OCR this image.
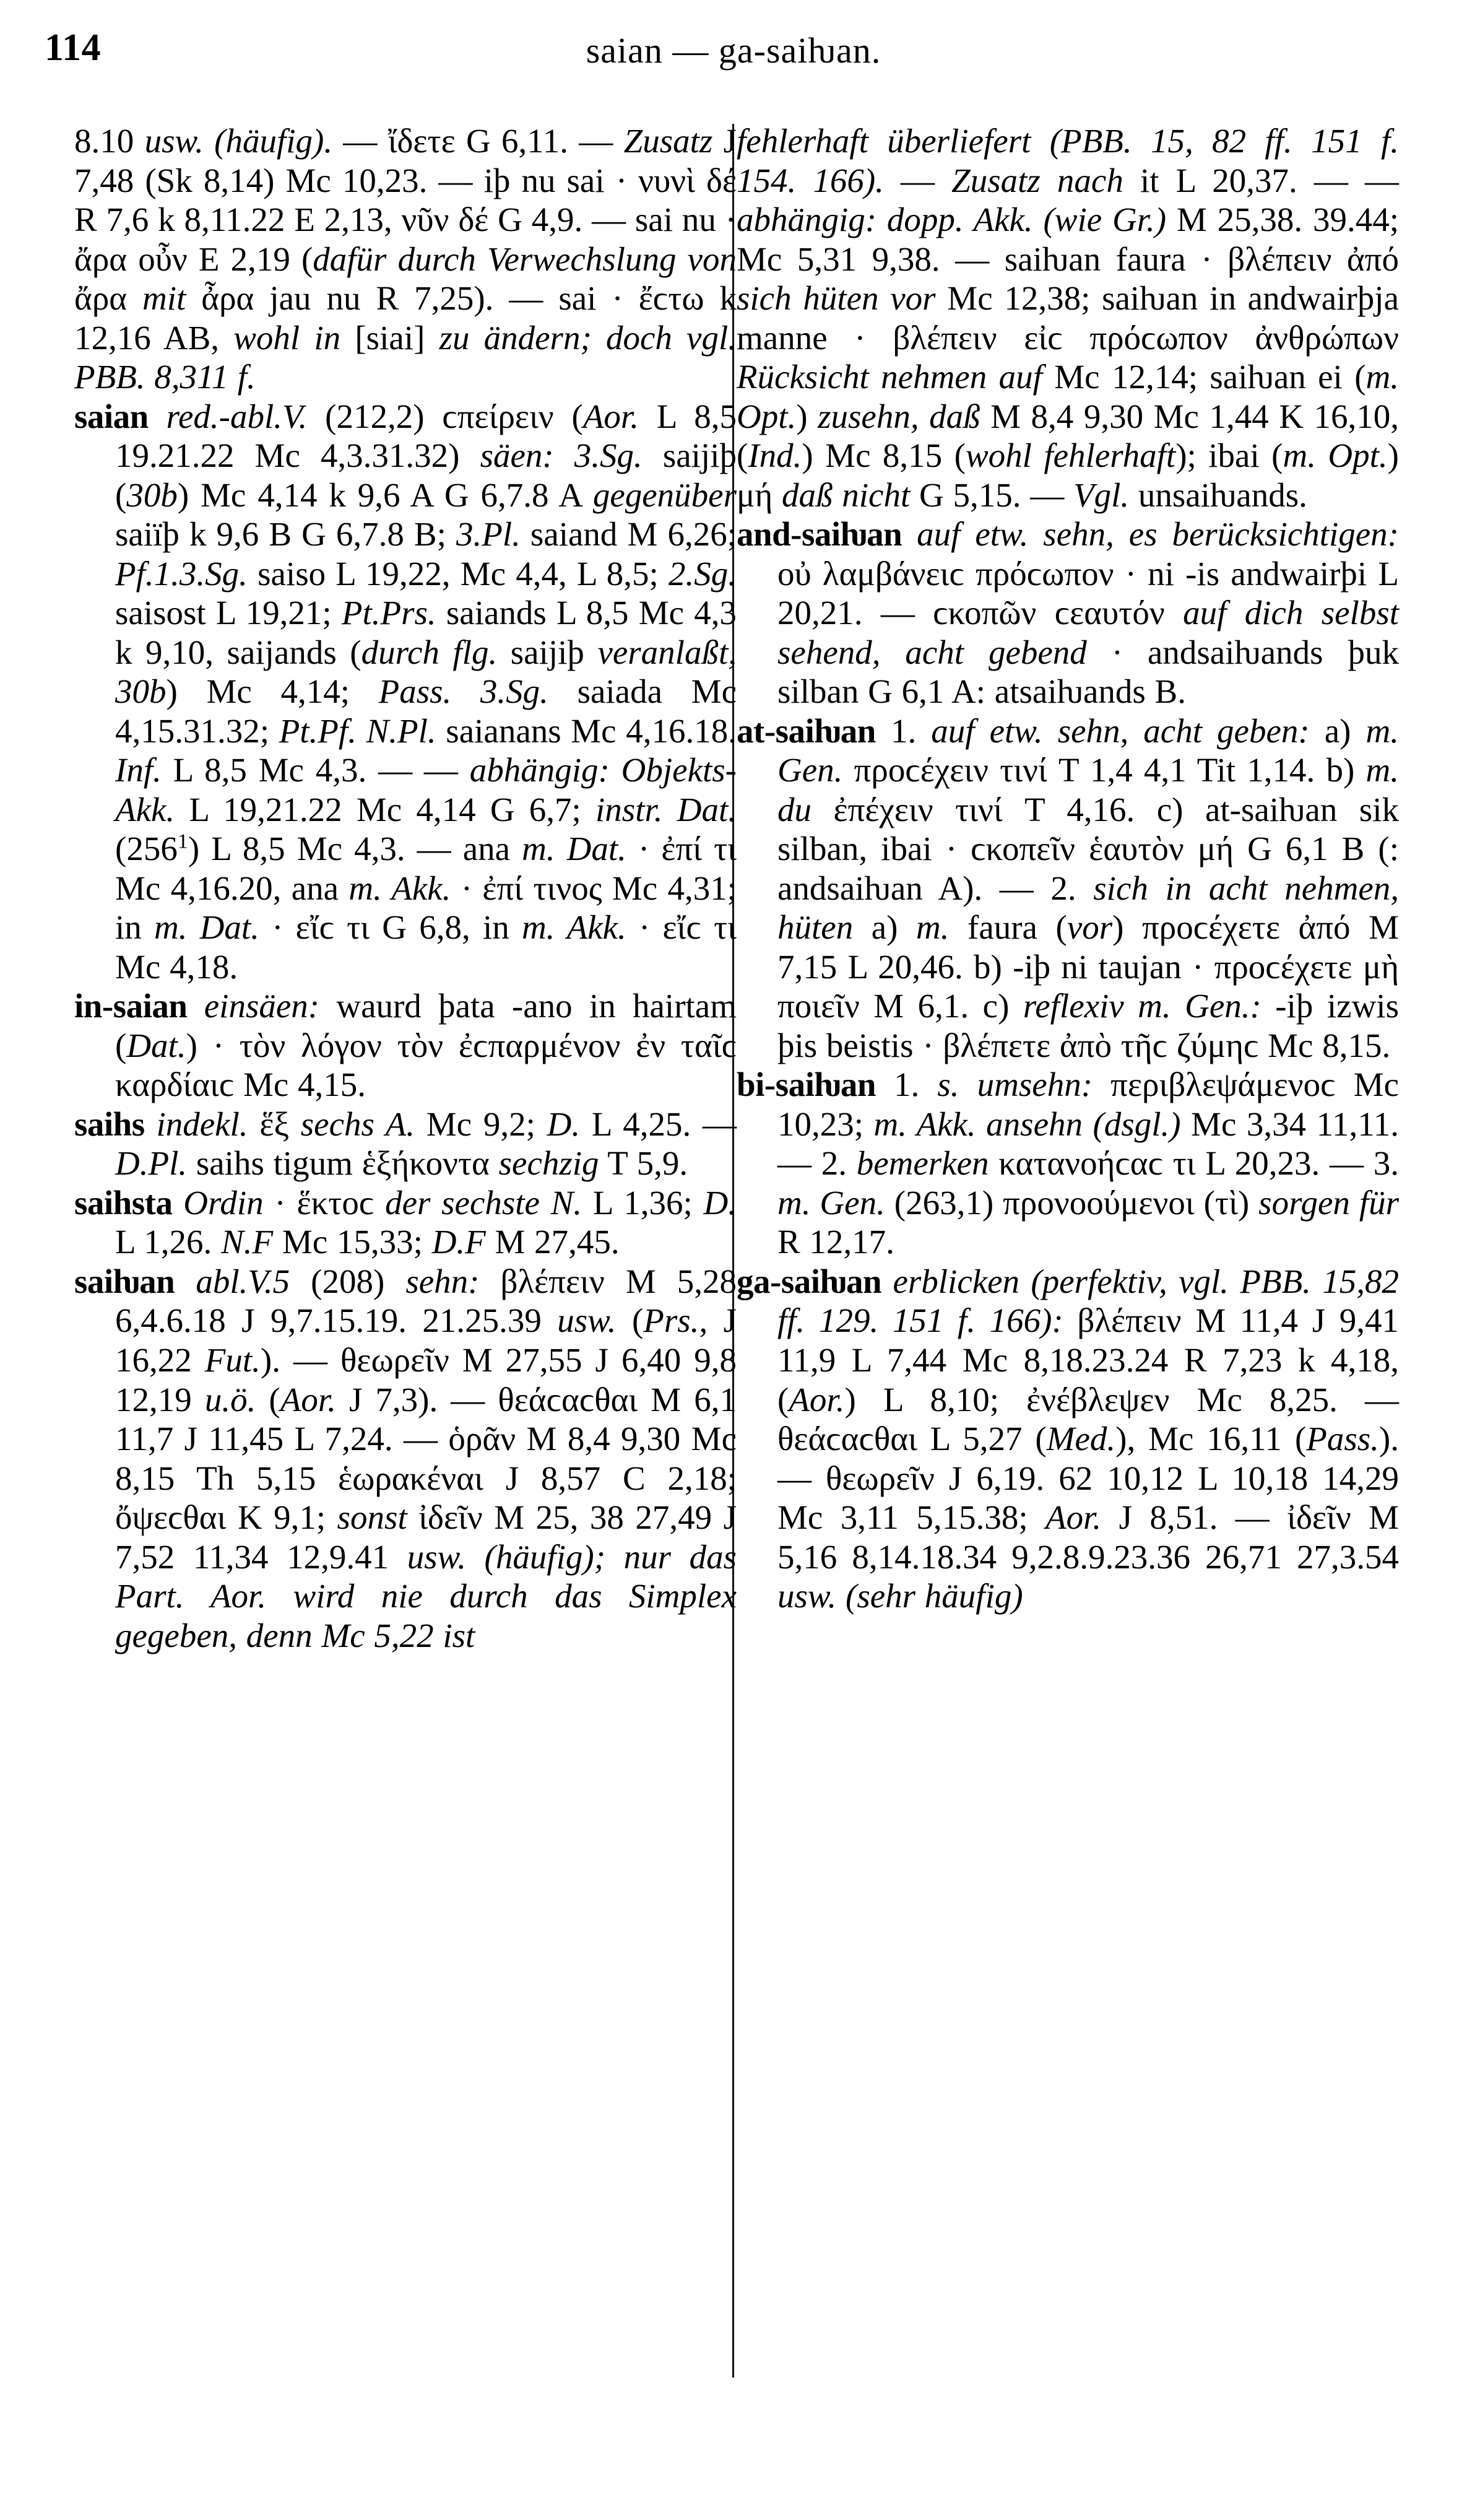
114	saian — ga-saiƕan.

8.10 usw. (häufig). — ἴδετε G 6,11. — Zusatz J 7,48 (Sk 8,14) Mc 10,23. — iþ nu sai · νυνὶ δέ R 7,6 k 8,11.22 E 2,13, νῦν δέ G 4,9. — sai nu · ἄρα οὖν E 2,19 (dafür durch Verwechslung von ἄρα mit ἆρα jau nu R 7,25). — sai · ἔϲτω k 12,16 AB, wohl in [siai] zu ändern; doch vgl. PBB. 8,311 f.

saian red.-abl.V. (212,2) ϲπείρειν (Aor. L 8,5 19.21.22 Mc 4,3.31.32) säen: 3.Sg. saijiþ (30b) Mc 4,14 k 9,6 A G 6,7.8 A gegenüber saiïþ k 9,6 B G 6,7.8 B; 3.Pl. saiand M 6,26; Pf.1.3.Sg. saiso L 19,22, Mc 4,4, L 8,5; 2.Sg. saisost L 19,21; Pt.Prs. saiands L 8,5 Mc 4,3 k 9,10, saijands (durch flg. saijiþ veranlaßt, 30b) Mc 4,14; Pass. 3.Sg. saiada Mc 4,15.31.32; Pt.Pf. N.Pl. saianans Mc 4,16.18. Inf. L 8,5 Mc 4,3. — — abhängig: Objekts-Akk. L 19,21.22 Mc 4,14 G 6,7; instr. Dat. $(256^1)$ L 8,5 Mc 4,3. — ana m. Dat. · ἐπί τι Mc 4,16.20, ana m. Akk. · ἐπί τινος Mc 4,31; in m. Dat. · εἴϲ τι G 6,8, in m. Akk. · εἴϲ τι Mc 4,18.

in-saian einsäen: waurd þata -ano in hairtam (Dat.) · τὸν λόγον τὸν ἐϲπαρμένον ἐν ταῖϲ καρδίαιϲ Mc 4,15.

saihs indekl. ἕξ sechs A. Mc 9,2; D. L 4,25. — D.Pl. saihs tigum ἑξήκοντα sechzig T 5,9.

saihsta Ordin · ἕκτοϲ der sechste N. L 1,36; D. L 1,26. N.F Mc 15,33; D.F M 27,45.

saiƕan abl.V.5 (208) sehn: βλέπειν M 5,28 6,4.6.18 J 9,7.15.19. 21.25.39 usw. (Prs., J 16,22 Fut.). — θεωρεῖν M 27,55 J 6,40 9,8 12,19 u.ö. (Aor. J 7,3). — θεάϲαϲθαι M 6,1 11,7 J 11,45 L 7,24. — ὁρᾶν M 8,4 9,30 Mc 8,15 Th 5,15 ἑωρακέναι J 8,57 C 2,18; ὄψεϲθαι K 9,1; sonst ἰδεῖν M 25, 38 27,49 J 7,52 11,34 12,9.41 usw. (häufig); nur das Part. Aor. wird nie durch das Simplex gegeben, denn Mc 5,22 ist

fehlerhaft überliefert (PBB. 15, 82 ff. 151 f. 154. 166). — Zusatz nach it L 20,37. — — abhängig: dopp. Akk. (wie Gr.) M 25,38. 39.44; Mc 5,31 9,38. — saiƕan faura · βλέπειν ἀπό sich hüten vor Mc 12,38; saiƕan in andwairþja manne · βλέπειν εἰϲ πρόϲωπον ἀνθρώπων Rücksicht nehmen auf Mc 12,14; saiƕan ei (m. Opt.) zusehn, daß M 8,4 9,30 Mc 1,44 K 16,10, (Ind.) Mc 8,15 (wohl fehlerhaft); ibai (m. Opt.) μή daß nicht G 5,15. — Vgl. unsaiƕands.

and-saiƕan auf etw. sehn, es berücksichtigen: οὐ λαμβάνειϲ πρόϲωπον · ni -is andwairþi L 20,21. — ϲκοπῶν ϲεαυτόν auf dich selbst sehend, acht gebend · andsaiƕands þuk silban G 6,1 A: atsaiƕands B.

at-saiƕan 1. auf etw. sehn, acht geben: a) m. Gen. προϲέχειν τινί T 1,4 4,1 Tit 1,14. b) m. du ἐπέχειν τινί T 4,16. c) at-saiƕan sik silban, ibai · ϲκοπεῖν ἑαυτὸν μή G 6,1 B (: andsaiƕan A). — 2. sich in acht nehmen, hüten a) m. faura (vor) προϲέχετε ἀπό M 7,15 L 20,46. b) -iþ ni taujan · προϲέχετε μὴ ποιεῖν M 6,1. c) reflexiv m. Gen.: -iþ izwis þis beistis · βλέπετε ἀπὸ τῆϲ ζύμηϲ Mc 8,15.

bi-saiƕan 1. s. umsehn: περιβλεψάμενοϲ Mc 10,23; m. Akk. ansehn (dsgl.) Mc 3,34 11,11. — 2. bemerken κατανοήϲαϲ τι L 20,23. — 3. m. Gen. (263,1) προνοούμενοι (τὶ) sorgen für R 12,17.

ga-saiƕan erblicken (perfektiv, vgl. PBB. 15,82 ff. 129. 151 f. 166): βλέπειν M 11,4 J 9,41 11,9 L 7,44 Mc 8,18.23.24 R 7,23 k 4,18, (Aor.) L 8,10; ἐνέβλεψεν Mc 8,25. — θεάϲαϲθαι L 5,27 (Med.), Mc 16,11 (Pass.). — θεωρεῖν J 6,19. 62 10,12 L 10,18 14,29 Mc 3,11 5,15.38; Aor. J 8,51. — ἰδεῖν M 5,16 8,14.18.34 9,2.8.9.23.36 26,71 27,3.54 usw. (sehr häufig)
